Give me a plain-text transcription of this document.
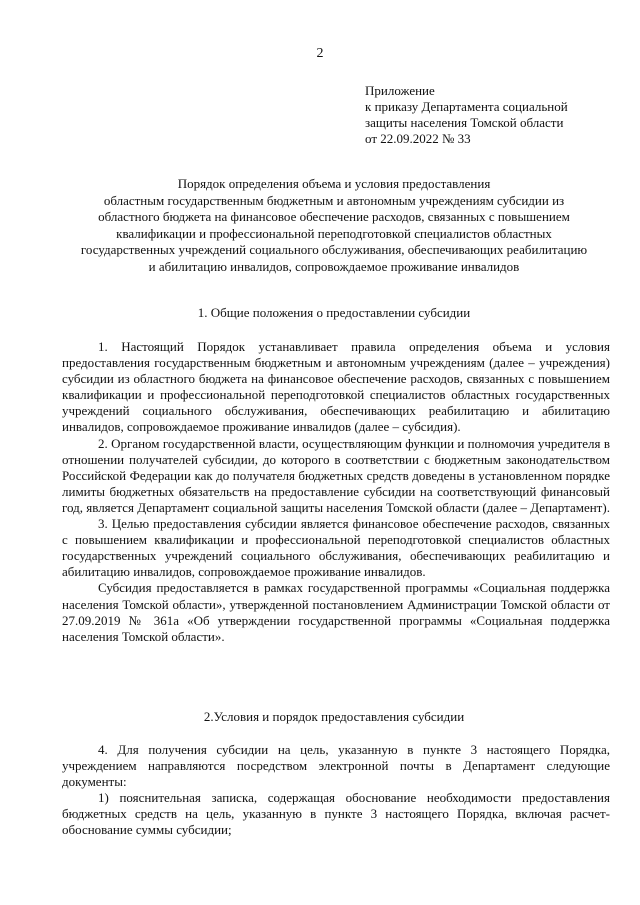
2
Приложение
к приказу Департамента социальной
защиты населения Томской области
от 22.09.2022 № 33
Порядок определения объема и условия предоставления
областным государственным бюджетным и автономным учреждениям субсидии из
областного бюджета на финансовое обеспечение расходов, связанных с повышением
квалификации и профессиональной переподготовкой специалистов областных
государственных учреждений социального обслуживания, обеспечивающих реабилитацию
и абилитацию инвалидов, сопровождаемое проживание инвалидов
1. Общие положения о предоставлении субсидии
1. Настоящий Порядок устанавливает правила определения объема и условия предоставления государственным бюджетным и автономным учреждениям (далее – учреждения) субсидии из областного бюджета на финансовое обеспечение расходов, связанных с повышением квалификации и профессиональной переподготовкой специалистов областных государственных учреждений социального обслуживания, обеспечивающих реабилитацию и абилитацию инвалидов, сопровождаемое проживание инвалидов (далее – субсидия).
2. Органом государственной власти, осуществляющим функции и полномочия учредителя в отношении получателей субсидии, до которого в соответствии с бюджетным законодательством Российской Федерации как до получателя бюджетных средств доведены в установленном порядке лимиты бюджетных обязательств на предоставление субсидии на соответствующий финансовый год, является Департамент социальной защиты населения Томской области (далее – Департамент).
3. Целью предоставления субсидии является финансовое обеспечение расходов, связанных с повышением квалификации и профессиональной переподготовкой специалистов областных государственных учреждений социального обслуживания, обеспечивающих реабилитацию и абилитацию инвалидов, сопровождаемое проживание инвалидов.
Субсидия предоставляется в рамках государственной программы «Социальная поддержка населения Томской области», утвержденной постановлением Администрации Томской области от 27.09.2019 № 361а «Об утверждении государственной программы «Социальная поддержка населения Томской области».
2.Условия и порядок предоставления субсидии
4. Для получения субсидии на цель, указанную в пункте 3 настоящего Порядка, учреждением направляются посредством электронной почты в Департамент следующие документы:
1) пояснительная записка, содержащая обоснование необходимости предоставления бюджетных средств на цель, указанную в пункте 3 настоящего Порядка, включая расчет-обоснование суммы субсидии;
